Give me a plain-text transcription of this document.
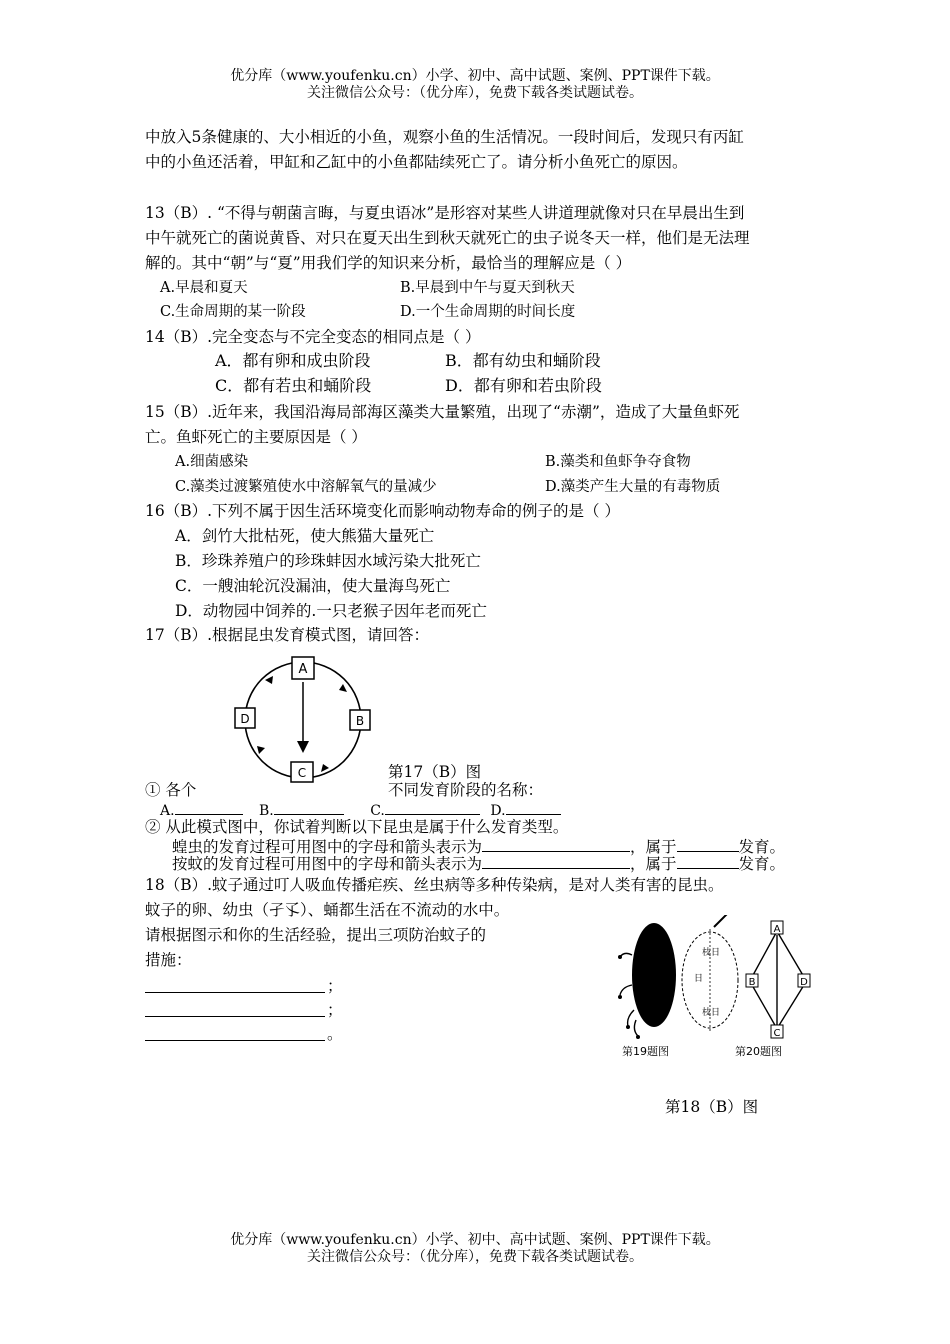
优分库（www.youfenku.cn）小学、初中、高中试题、案例、PPT课件下载。
关注微信公众号：（优分库），免费下载各类试题试卷。
中放入5条健康的、大小相近的小鱼，观察小鱼的生活情况。一段时间后，发现只有丙缸
中的小鱼还活着，甲缸和乙缸中的小鱼都陆续死亡了。请分析小鱼死亡的原因。
13（B）. “不得与朝菌言晦，与夏虫语冰”是形容对某些人讲道理就像对只在早晨出生到
中午就死亡的菌说黄昏、对只在夏天出生到秋天就死亡的虫子说冬天一样，他们是无法理
解的。其中“朝”与“夏”用我们学的知识来分析，最恰当的理解应是（ ）
A.早晨和夏天	B.早晨到中午与夏天到秋天
C.生命周期的某一阶段	D.一个生命周期的时间长度
14（B）.完全变态与不完全变态的相同点是（ ）
A．都有卵和成虫阶段	B．都有幼虫和蛹阶段
C．都有若虫和蛹阶段	D．都有卵和若虫阶段
15（B）.近年来，我国沿海局部海区藻类大量繁殖，出现了“赤潮”，造成了大量鱼虾死
亡。鱼虾死亡的主要原因是（ ）
A.细菌感染	B.藻类和鱼虾争夺食物
C.藻类过渡繁殖使水中溶解氧气的量减少	D.藻类产生大量的有毒物质
16（B）.下列不属于因生活环境变化而影响动物寿命的例子的是（ ）
A．剑竹大批枯死，使大熊猫大量死亡
B．珍珠养殖户的珍珠蚌因水域污染大批死亡
C．一艘油轮沉没漏油，使大量海鸟死亡
D．动物园中饲养的.一只老猴子因年老而死亡
17（B）.根据昆虫发育模式图，请回答：
A
B
C
D
第17（B）图
① 各个	不同发育阶段的名称：
A.	B.	C.	D.
② 从此模式图中，你试着判断以下昆虫是属于什么发育类型。
蝗虫的发育过程可用图中的字母和箭头表示为	，属于	发育。
按蚊的发育过程可用图中的字母和箭头表示为	，属于	发育。
18（B）.蚊子通过叮人吸血传播疟疾、丝虫病等多种传染病，是对人类有害的昆虫。
蚊子的卵、幼虫（孑孓）、蛹都生活在不流动的水中。
请根据图示和你的生活经验，提出三项防治蚊子的
措施：
；
；
。
第19题图
枝日
日
枝日
第20题图
A
B
C
D
第18（B）图
优分库（www.youfenku.cn）小学、初中、高中试题、案例、PPT课件下载。
关注微信公众号：（优分库），免费下载各类试题试卷。
